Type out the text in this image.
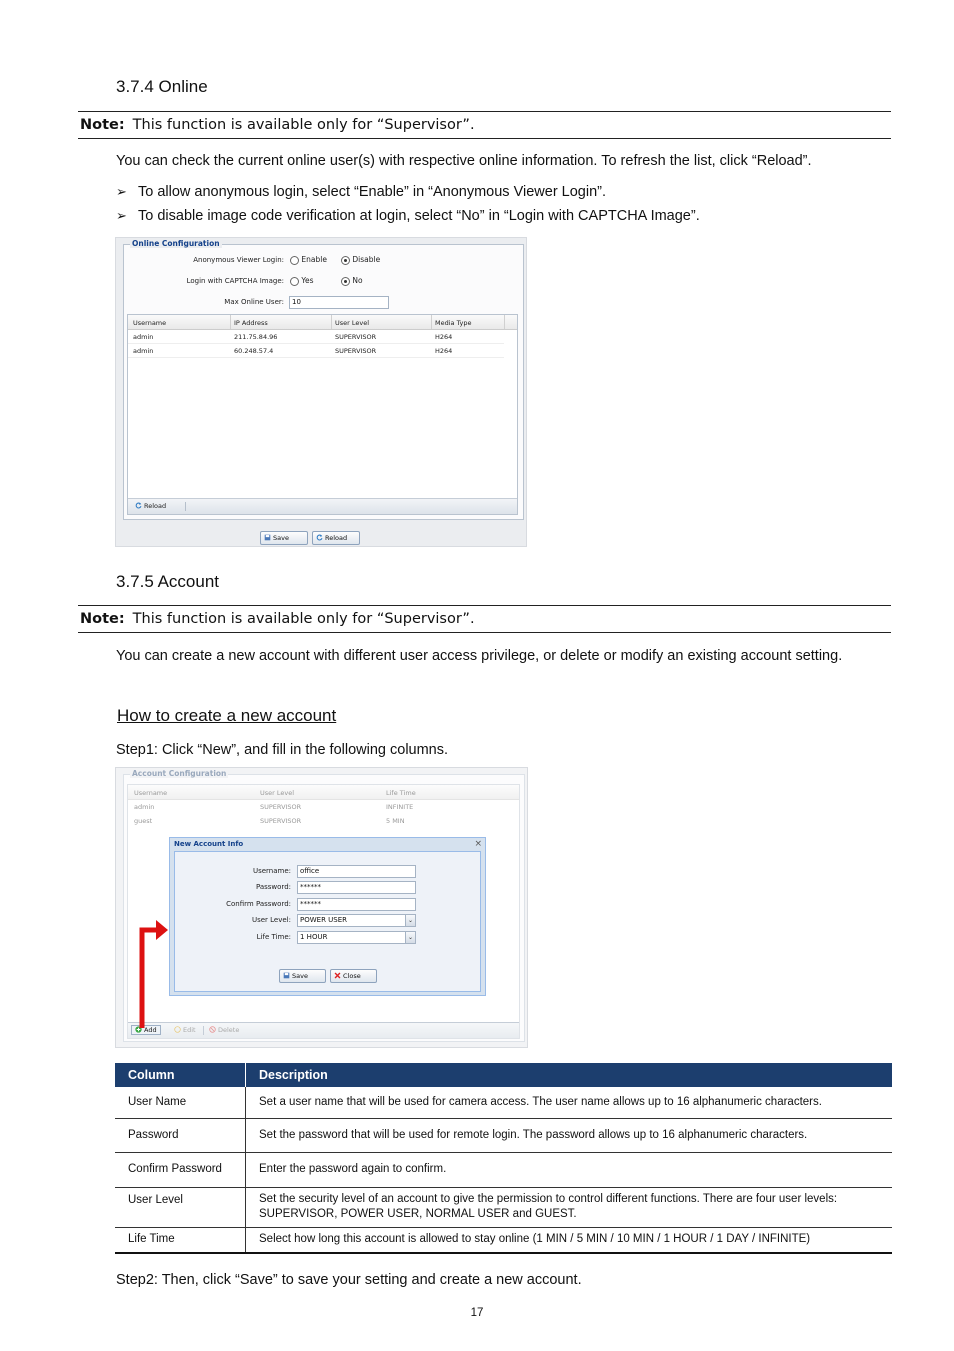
3.7.4 Online
Note: This function is available only for “Supervisor”.
You can check the current online user(s) with respective online information. To refresh the list, click “Reload”.
➢ To allow anonymous login, select “Enable” in “Anonymous Viewer Login”.
➢ To disable image code verification at login, select “No” in “Login with CAPTCHA Image”.
Online Configuration
Anonymous Viewer Login:	Enable	Disable
Login with CAPTCHA Image:	Yes	No
Max Online User:	10
Username	IP Address	User Level	Media Type
admin	211.75.84.96	SUPERVISOR	H264
admin	60.248.57.4	SUPERVISOR	H264
Reload
Save	Reload
3.7.5 Account
Note: This function is available only for “Supervisor”.
You can create a new account with different user access privilege, or delete or modify an existing account setting.
How to create a new account
Step1: Click “New”, and fill in the following columns.
Account Configuration
Username	User Level	Life Time
admin	SUPERVISOR	INFINITE
guest	SUPERVISOR	5 MIN
Add	Edit	Delete
New Account Info	×
Username:	office
Password:	******
Confirm Password:	******
User Level:	POWER USER	⌄
Life Time:	1 HOUR	⌄
Save	Close
Column	Description
User Name	Set a user name that will be used for camera access. The user name allows up to 16 alphanumeric characters.
Password	Set the password that will be used for remote login. The password allows up to 16 alphanumeric characters.
Confirm Password	Enter the password again to confirm.
User Level	Set the security level of an account to give the permission to control different functions. There are four user levels: SUPERVISOR, POWER USER, NORMAL USER and GUEST.
Life Time	Select how long this account is allowed to stay online (1 MIN / 5 MIN / 10 MIN / 1 HOUR / 1 DAY / INFINITE)
Step2: Then, click “Save” to save your setting and create a new account.
17
